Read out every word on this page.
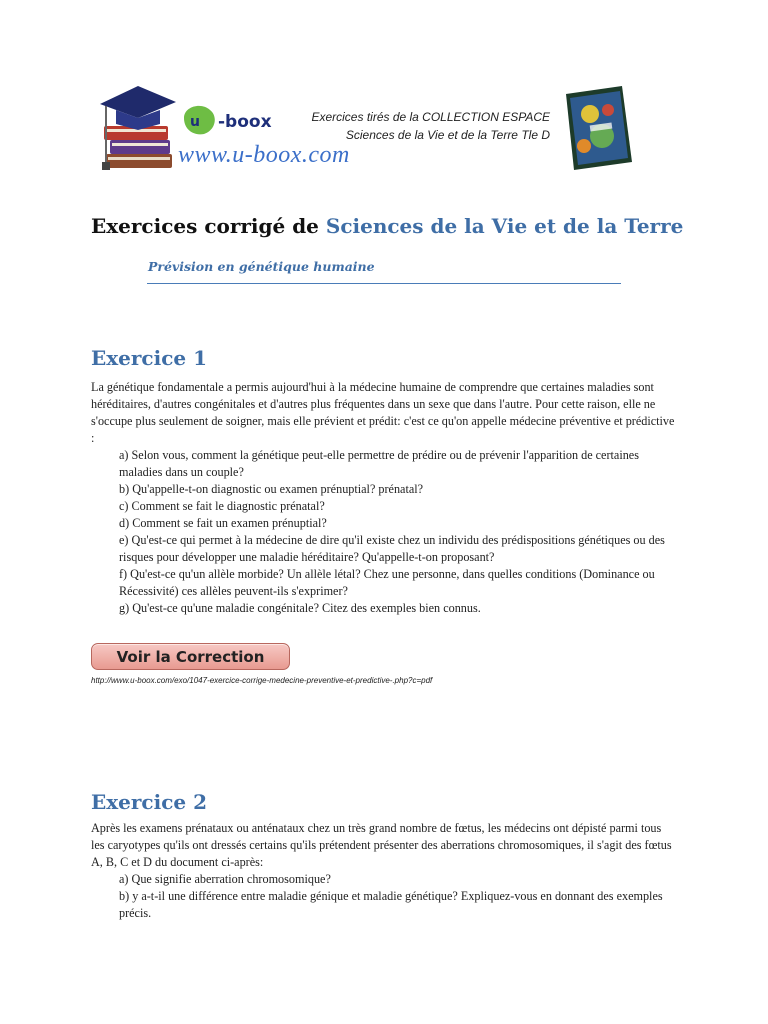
u -boox
www.u-boox.com
Exercices tirés de la COLLECTION ESPACE
Sciences de la Vie et de la Terre Tle D
Exercices corrigé de Sciences de la Vie et de la Terre
Prévision en génétique humaine
Exercice 1
La génétique fondamentale a permis aujourd'hui à la médecine humaine de comprendre que certaines maladies sont héréditaires, d'autres congénitales et d'autres plus fréquentes dans un sexe que dans l'autre. Pour cette raison, elle ne s'occupe plus seulement de soigner, mais elle prévient et prédit: c'est ce qu'on appelle médecine préventive et prédictive :
a) Selon vous, comment la génétique peut-elle permettre de prédire ou de prévenir l'apparition de certaines maladies dans un couple?
b) Qu'appelle-t-on diagnostic ou examen prénuptial? prénatal?
c) Comment se fait le diagnostic prénatal?
d) Comment se fait un examen prénuptial?
e) Qu'est-ce qui permet à la médecine de dire qu'il existe chez un individu des prédispositions génétiques ou des risques pour développer une maladie héréditaire? Qu'appelle-t-on proposant?
f) Qu'est-ce qu'un allèle morbide? Un allèle létal? Chez une personne, dans quelles conditions (Dominance ou Récessivité) ces allèles peuvent-ils s'exprimer?
g) Qu'est-ce qu'une maladie congénitale? Citez des exemples bien connus.
Voir la Correction
http://www.u-boox.com/exo/1047-exercice-corrige-medecine-preventive-et-predictive-.php?c=pdf
Exercice 2
Après les examens prénataux ou anténataux chez un très grand nombre de fœtus, les médecins ont dépisté parmi tous les caryotypes qu'ils ont dressés certains qu'ils prétendent présenter des aberrations chromosomiques, il s'agit des fœtus A, B, C et D du document ci-après:
a) Que signifie aberration chromosomique?
b) y a-t-il une différence entre maladie génique et maladie génétique? Expliquez-vous en donnant des exemples précis.
